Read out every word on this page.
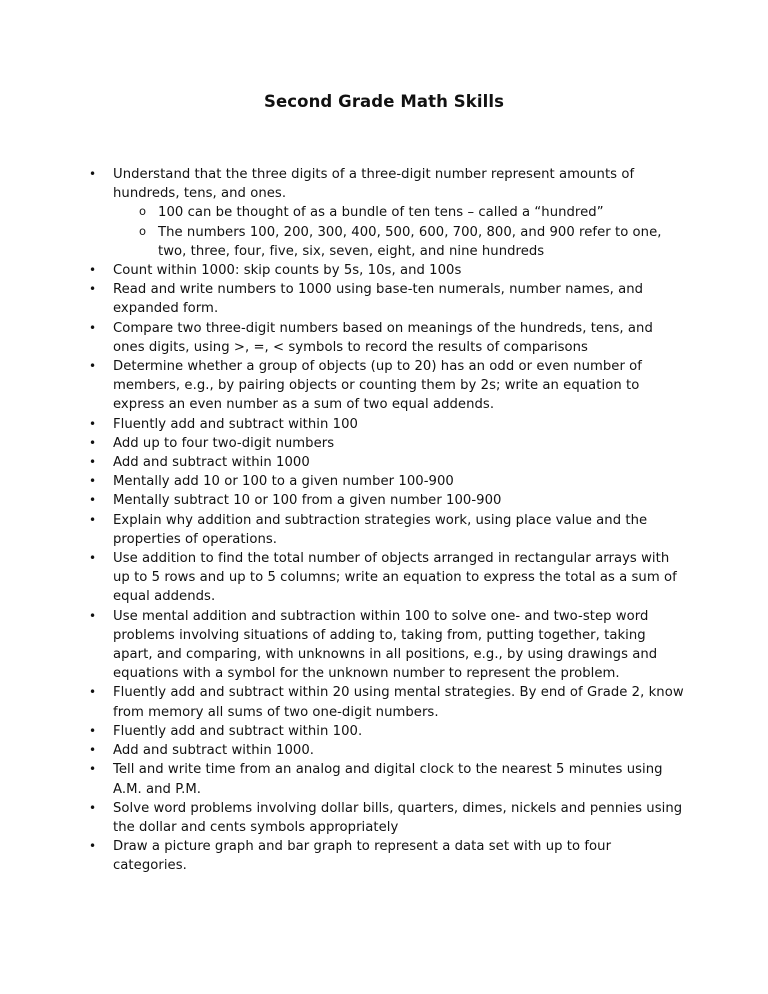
Second Grade Math Skills
• Understand that the three digits of a three-digit number represent amounts of hundreds, tens, and ones.
o 100 can be thought of as a bundle of ten tens – called a “hundred”
o The numbers 100, 200, 300, 400, 500, 600, 700, 800, and 900 refer to one, two, three, four, five, six, seven, eight, and nine hundreds
• Count within 1000: skip counts by 5s, 10s, and 100s
• Read and write numbers to 1000 using base-ten numerals, number names, and expanded form.
• Compare two three-digit numbers based on meanings of the hundreds, tens, and ones digits, using >, =, < symbols to record the results of comparisons
• Determine whether a group of objects (up to 20) has an odd or even number of members, e.g., by pairing objects or counting them by 2s; write an equation to express an even number as a sum of two equal addends.
• Fluently add and subtract within 100
• Add up to four two-digit numbers
• Add and subtract within 1000
• Mentally add 10 or 100 to a given number 100-900
• Mentally subtract 10 or 100 from a given number 100-900
• Explain why addition and subtraction strategies work, using place value and the properties of operations.
• Use addition to find the total number of objects arranged in rectangular arrays with up to 5 rows and up to 5 columns; write an equation to express the total as a sum of equal addends.
• Use mental addition and subtraction within 100 to solve one- and two-step word problems involving situations of adding to, taking from, putting together, taking apart, and comparing, with unknowns in all positions, e.g., by using drawings and equations with a symbol for the unknown number to represent the problem.
• Fluently add and subtract within 20 using mental strategies. By end of Grade 2, know from memory all sums of two one-digit numbers.
• Fluently add and subtract within 100.
• Add and subtract within 1000.
• Tell and write time from an analog and digital clock to the nearest 5 minutes using A.M. and P.M.
• Solve word problems involving dollar bills, quarters, dimes, nickels and pennies using the dollar and cents symbols appropriately
• Draw a picture graph and bar graph to represent a data set with up to four categories.
